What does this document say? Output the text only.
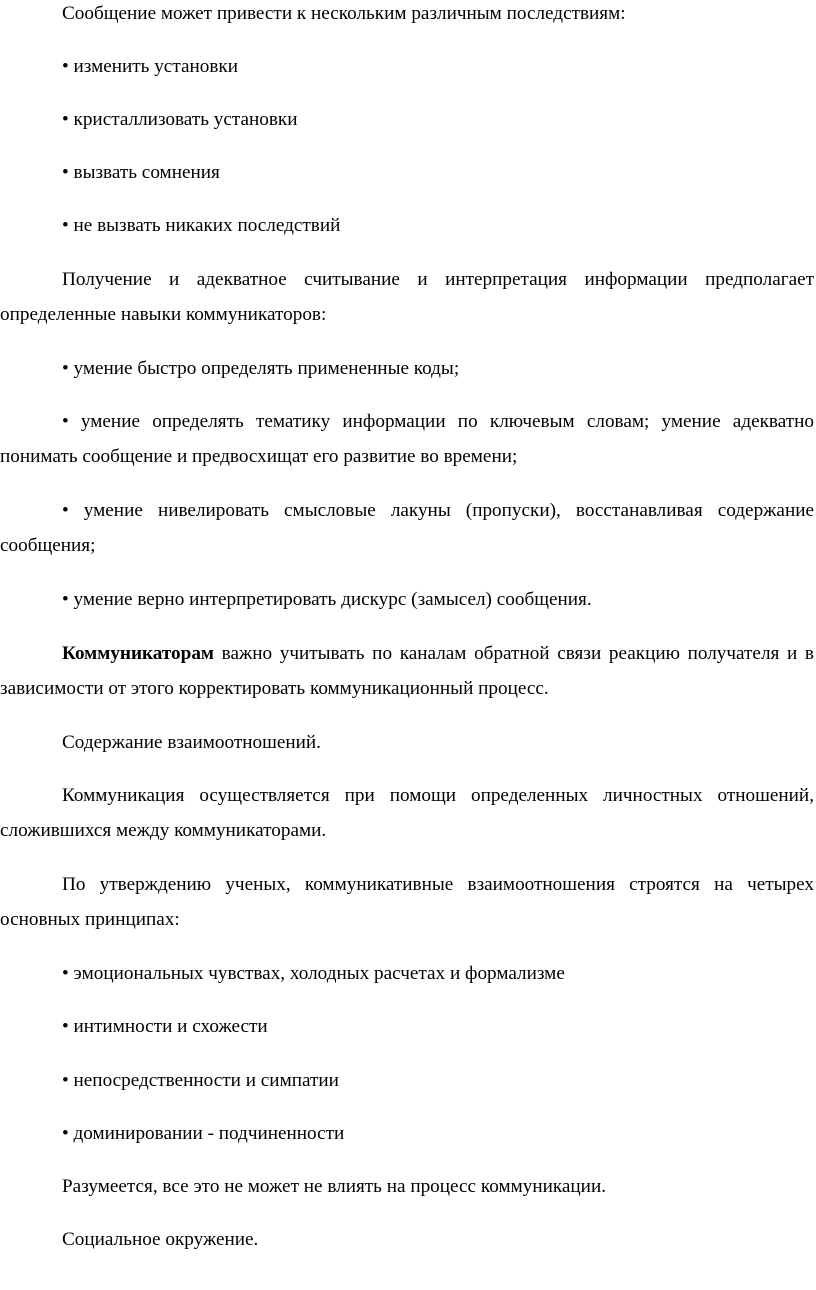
Сообщение может привести к нескольким различным последствиям:

• изменить установки

• кристаллизовать установки

• вызвать сомнения

• не вызвать никаких последствий

Получение и адекватное считывание и интерпретация информации предполагает определенные навыки коммуникаторов:

• умение быстро определять примененные коды;

• умение определять тематику информации по ключевым словам; умение адекватно понимать сообщение и предвосхищат его развитие во времени;

• умение нивелировать смысловые лакуны (пропуски), восстанавливая содержание сообщения;

• умение верно интерпретировать дискурс (замысел) сообщения.

Коммуникаторам важно учитывать по каналам обратной связи реакцию получателя и в зависимости от этого корректировать коммуникационный процесс.

Содержание взаимоотношений.

Коммуникация осуществляется при помощи определенных личностных отношений, сложившихся между коммуникаторами.

По утверждению ученых, коммуникативные взаимоотношения строятся на четырех основных принципах:

• эмоциональных чувствах, холодных расчетах и формализме

• интимности и схожести

• непосредственности и симпатии

• доминировании - подчиненности

Разумеется, все это не может не влиять на процесс коммуникации.

Социальное окружение.
